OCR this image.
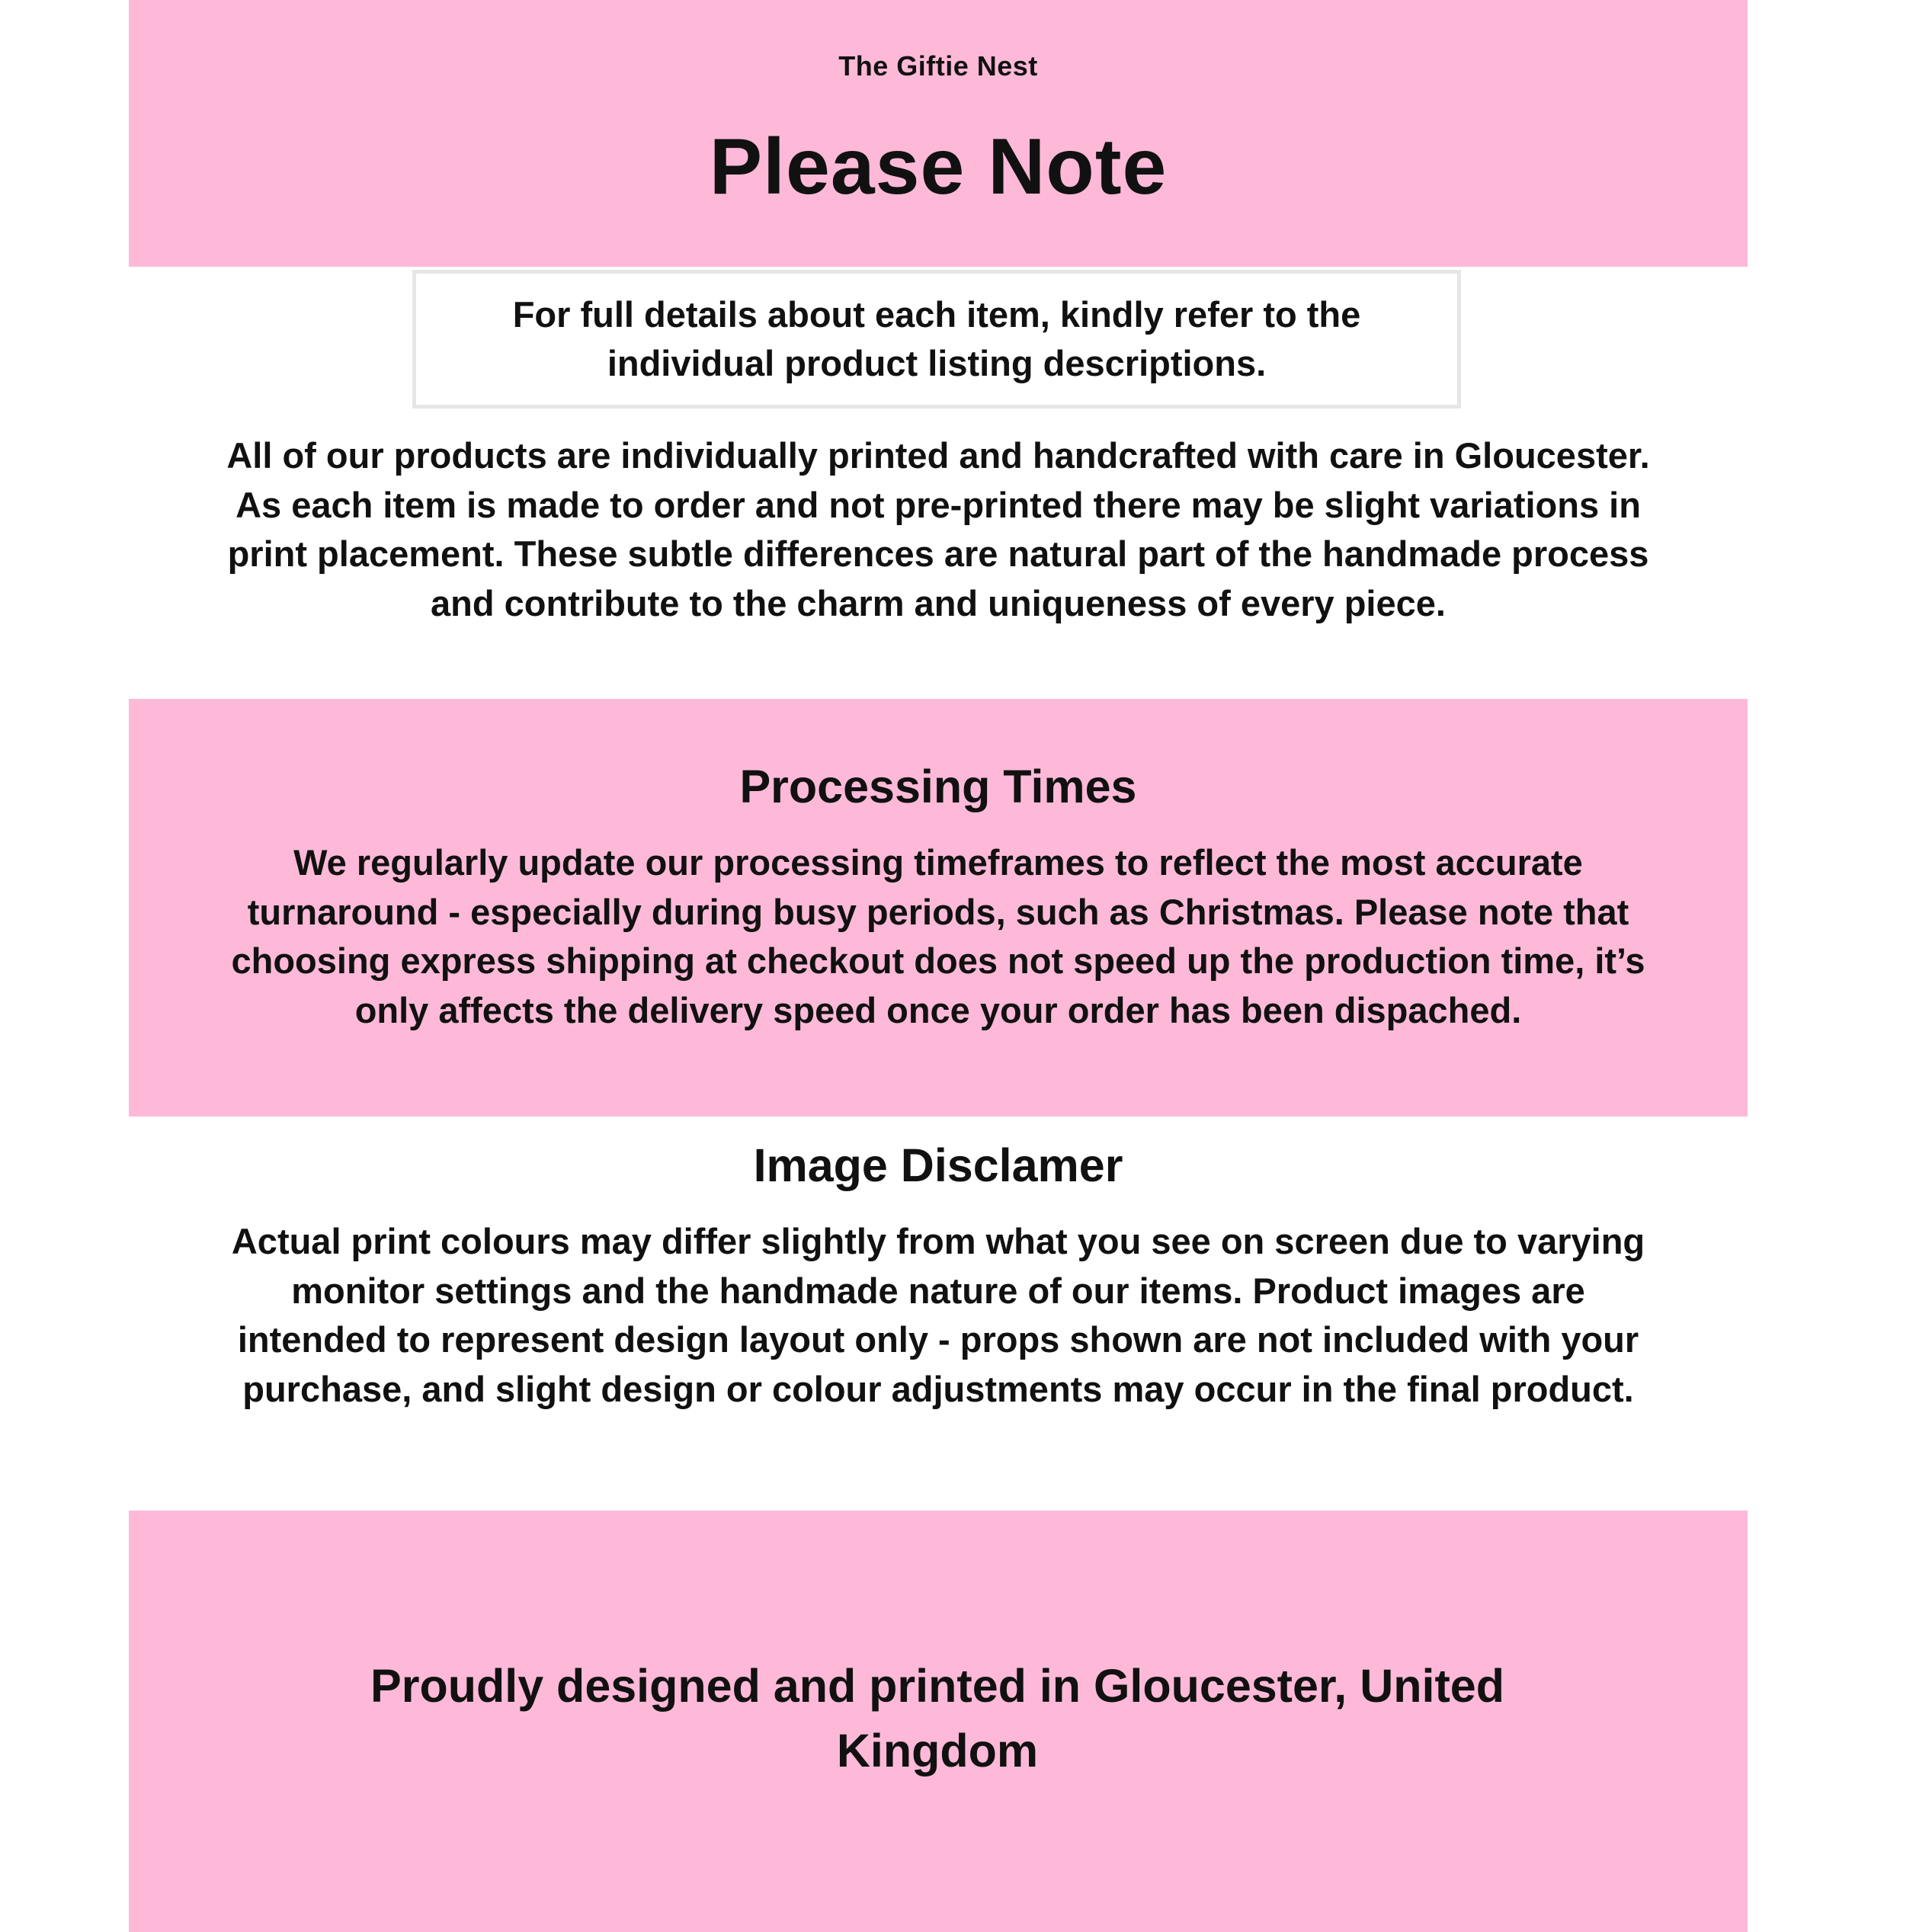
The Giftie Nest
Please Note
For full details about each item, kindly refer to the individual product listing descriptions.
All of our products are individually printed and handcrafted with care in Gloucester. As each item is made to order and not pre-printed there may be slight variations in print placement. These subtle differences are natural part of the handmade process and contribute to the charm and uniqueness of every piece.
Processing Times
We regularly update our processing timeframes to reflect the most accurate turnaround - especially during busy periods, such as Christmas. Please note that choosing express shipping at checkout does not speed up the production time, it’s only affects the delivery speed once your order has been dispached.
Image Disclamer
Actual print colours may differ slightly from what you see on screen due to varying monitor settings and the handmade nature of our items. Product images are intended to represent design layout only - props shown are not included with your purchase, and slight design or colour adjustments may occur in the final product.
Proudly designed and printed in Gloucester, United Kingdom
